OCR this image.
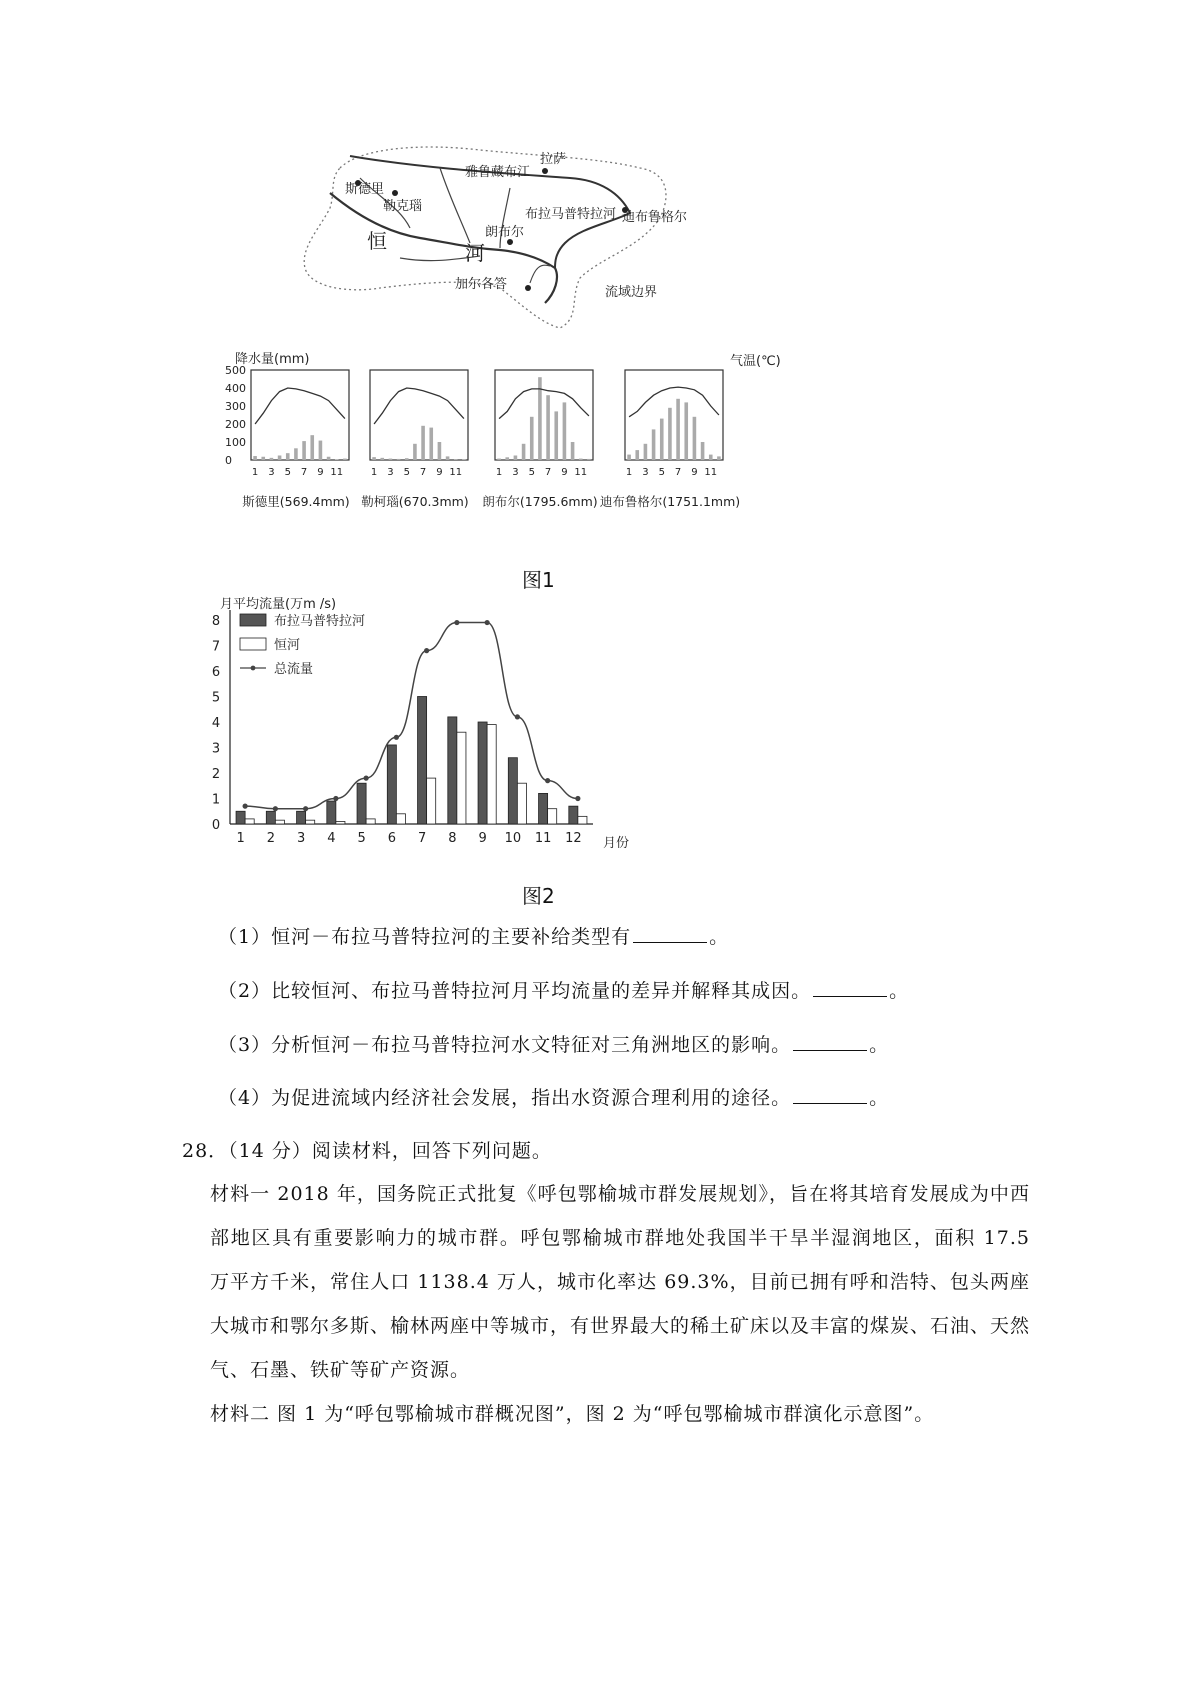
斯德里
拉萨
雅鲁藏布江
勒克瑙
朗布尔
布拉马普特拉河 迪布鲁格尔
恒	河
加尔各答
流域边界
降水量(mm)	气温(℃)
500
400
300
200
100
0
1 3 5 7 9 11
斯德里(569.4mm)
1 3 5 7 9 11
勒柯瑙(670.3mm)
1 3 5 7 9 11
朗布尔(1795.6mm)
1 3 5 7 9 11
迪布鲁格尔(1751.1mm)
图1
月平均流量(万m /s)
月份
0
1
2
3
4
5
6
7
8
1 2 3 4 5 6 7 8 9 10 11 12
布拉马普特拉河
恒河
总流量
图2
（1）恒河－布拉马普特拉河的主要补给类型有	。
（2）比较恒河、布拉马普特拉河月平均流量的差异并解释其成因。	。
（3）分析恒河－布拉马普特拉河水文特征对三角洲地区的影响。	。
（4）为促进流域内经济社会发展，指出水资源合理利用的途径。	。
28．（14 分）阅读材料，回答下列问题。
材料一 2018 年，国务院正式批复《呼包鄂榆城市群发展规划》，旨在将其培育发展成为中西部地区具有重要影响力的城市群。呼包鄂榆城市群地处我国半干旱半湿润地区，面积 17.5 万平方千米，常住人口 1138.4 万人，城市化率达 69.3%，目前已拥有呼和浩特、包头两座大城市和鄂尔多斯、榆林两座中等城市，有世界最大的稀土矿床以及丰富的煤炭、石油、天然气、石墨、铁矿等矿产资源。
材料二 图 1 为“呼包鄂榆城市群概况图”，图 2 为“呼包鄂榆城市群演化示意图”。
